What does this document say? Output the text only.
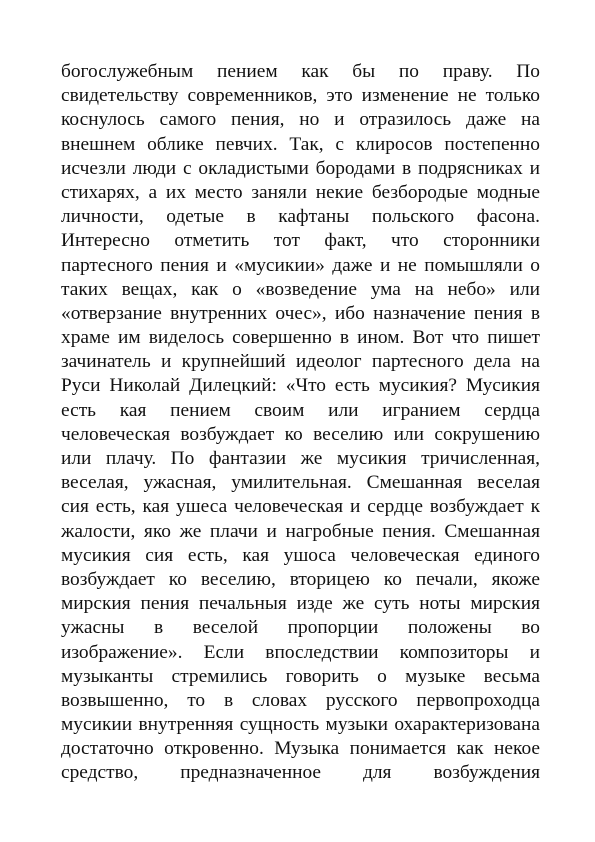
богослужебным пением как бы по праву. По
свидетельству современников, это изменение не только
коснулось самого пения, но и отразилось даже на
внешнем облике певчих. Так, с клиросов постепенно
исчезли люди с окладистыми бородами в подрясниках и
стихарях, а их место заняли некие безбородые модные
личности, одетые в кафтаны польского фасона.
Интересно отметить тот факт, что сторонники
партесного пения и «мусикии» даже и не помышляли о
таких вещах, как о «возведение ума на небо» или
«отверзание внутренних очес», ибо назначение пения в
храме им виделось совершенно в ином. Вот что пишет
зачинатель и крупнейший идеолог партесного дела на
Руси Николай Дилецкий: «Что есть мусикия? Мусикия
есть кая пением своим или игранием сердца
человеческая возбуждает ко веселию или сокрушению
или плачу. По фантазии же мусикия тричисленная,
веселая, ужасная, умилительная. Смешанная веселая
сия есть, кая ушеса человеческая и сердце возбуждает к
жалости, яко же плачи и нагробные пения. Смешанная
мусикия сия есть, кая ушоса человеческая единого
возбуждает ко веселию, вторицею ко печали, якоже
мирския пения печальныя изде же суть ноты мирския
ужасны в веселой пропорции положены во
изображение». Если впоследствии композиторы и
музыканты стремились говорить о музыке весьма
возвышенно, то в словах русского первопроходца
мусикии внутренняя сущность музыки охарактеризована
достаточно откровенно. Музыка понимается как некое
средство, предназначенное для возбуждения
